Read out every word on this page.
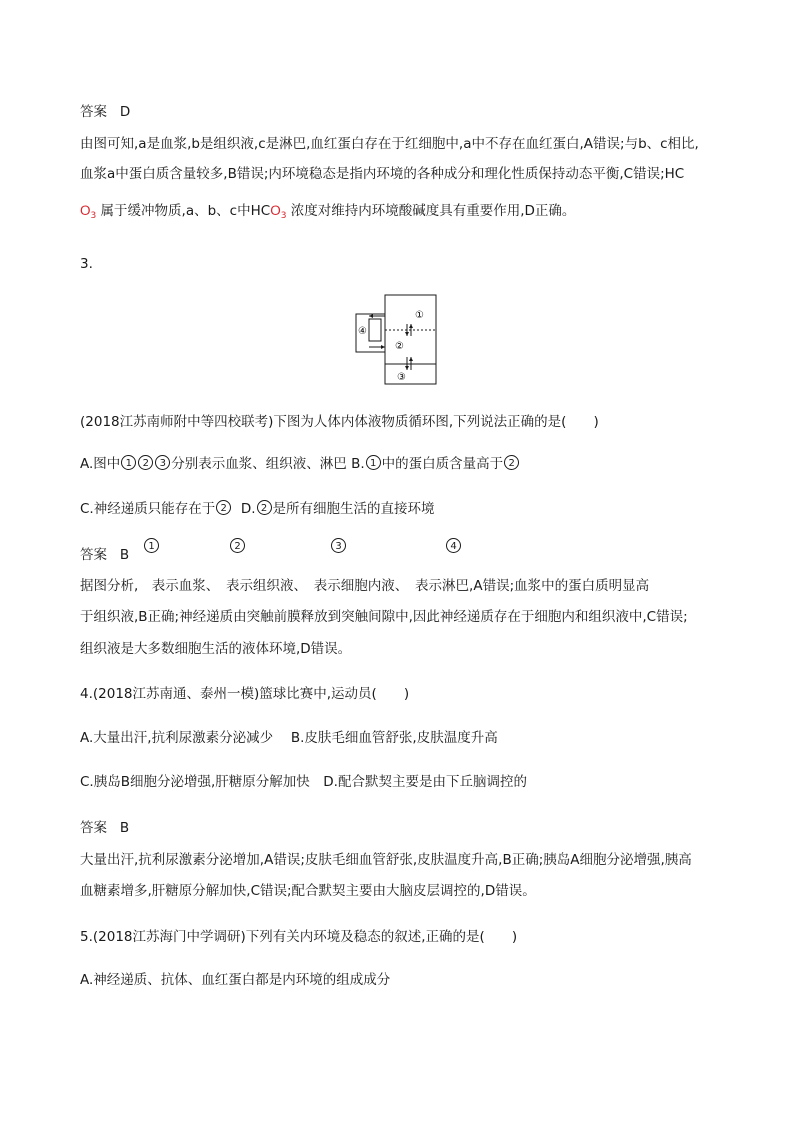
答案 D
由图可知,a是血浆,b是组织液,c是淋巴,血红蛋白存在于红细胞中,a中不存在血红蛋白,A错误;与b、c相比,
血浆a中蛋白质含量较多,B错误;内环境稳态是指内环境的各种成分和理化性质保持动态平衡,C错误;HC
$O_3$ 属于缓冲物质,a、b、c中$HCO_3$ 浓度对维持内环境酸碱度具有重要作用,D正确。
3.
④
①
②
③
(2018江苏南师附中等四校联考)下图为人体内体液物质循环图,下列说法正确的是(　　)
A.图中 1 2 3 分别表示血浆、组织液、淋巴 B. 1 中的蛋白质含量高于 2
C.神经递质只能存在于 2 D. 2 是所有细胞生活的直接环境
答案 B
1	2	3	4
据图分析,　表示血浆、　表示组织液、　表示细胞内液、　表示淋巴,A错误;血浆中的蛋白质明显高
于组织液,B正确;神经递质由突触前膜释放到突触间隙中,因此神经递质存在于细胞内和组织液中,C错误;
组织液是大多数细胞生活的液体环境,D错误。
4.(2018江苏南通、泰州一模)篮球比赛中,运动员(　　)
A.大量出汗,抗利尿激素分泌减少　 B.皮肤毛细血管舒张,皮肤温度升高
C.胰岛B细胞分泌增强,肝糖原分解加快　D.配合默契主要是由下丘脑调控的
答案 B
大量出汗,抗利尿激素分泌增加,A错误;皮肤毛细血管舒张,皮肤温度升高,B正确;胰岛A细胞分泌增强,胰高
血糖素增多,肝糖原分解加快,C错误;配合默契主要由大脑皮层调控的,D错误。
5.(2018江苏海门中学调研)下列有关内环境及稳态的叙述,正确的是(　　)
A.神经递质、抗体、血红蛋白都是内环境的组成成分
